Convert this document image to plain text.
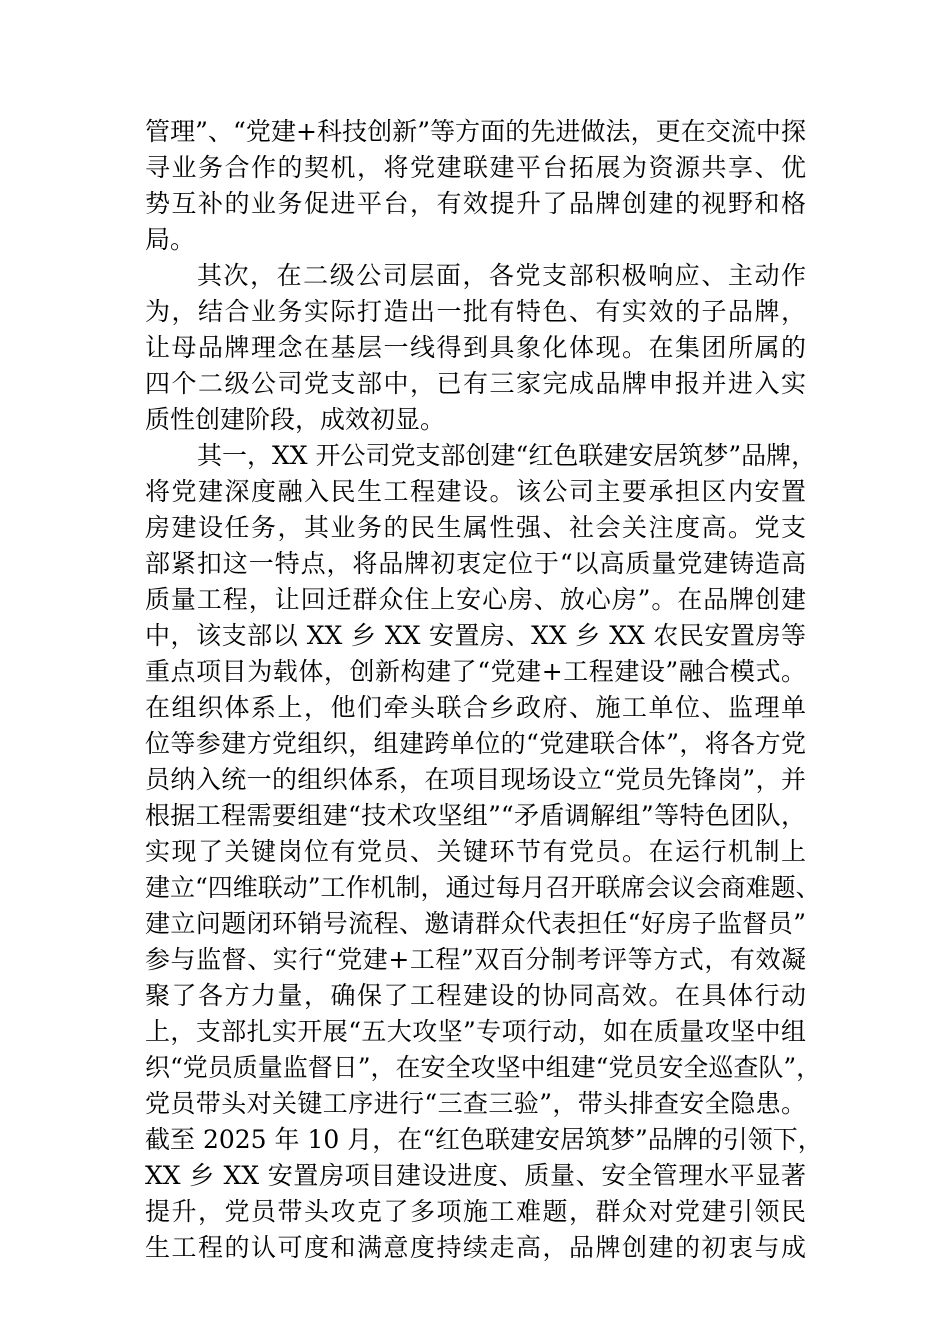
管理”、“党建+科技创新”等方面的先进做法，更在交流中探
寻业务合作的契机，将党建联建平台拓展为资源共享、优
势互补的业务促进平台，有效提升了品牌创建的视野和格
局。
其次，在二级公司层面，各党支部积极响应、主动作
为，结合业务实际打造出一批有特色、有实效的子品牌，
让母品牌理念在基层一线得到具象化体现。在集团所属的
四个二级公司党支部中，已有三家完成品牌申报并进入实
质性创建阶段，成效初显。
其一，XX 开公司党支部创建“红色联建安居筑梦”品牌，
将党建深度融入民生工程建设。该公司主要承担区内安置
房建设任务，其业务的民生属性强、社会关注度高。党支
部紧扣这一特点，将品牌初衷定位于“以高质量党建铸造高
质量工程，让回迁群众住上安心房、放心房”。在品牌创建
中，该支部以 XX 乡 XX 安置房、XX 乡 XX 农民安置房等
重点项目为载体，创新构建了“党建+工程建设”融合模式。
在组织体系上，他们牵头联合乡政府、施工单位、监理单
位等参建方党组织，组建跨单位的“党建联合体”，将各方党
员纳入统一的组织体系，在项目现场设立“党员先锋岗”，并
根据工程需要组建“技术攻坚组”“矛盾调解组”等特色团队，
实现了关键岗位有党员、关键环节有党员。在运行机制上
建立“四维联动”工作机制，通过每月召开联席会议会商难题、
建立问题闭环销号流程、邀请群众代表担任“好房子监督员”
参与监督、实行“党建+工程”双百分制考评等方式，有效凝
聚了各方力量，确保了工程建设的协同高效。在具体行动
上，支部扎实开展“五大攻坚”专项行动，如在质量攻坚中组
织“党员质量监督日”，在安全攻坚中组建“党员安全巡查队”，
党员带头对关键工序进行“三查三验”，带头排查安全隐患。
截至 2025 年 10 月，在“红色联建安居筑梦”品牌的引领下，
XX 乡 XX 安置房项目建设进度、质量、安全管理水平显著
提升，党员带头攻克了多项施工难题，群众对党建引领民
生工程的认可度和满意度持续走高，品牌创建的初衷与成
